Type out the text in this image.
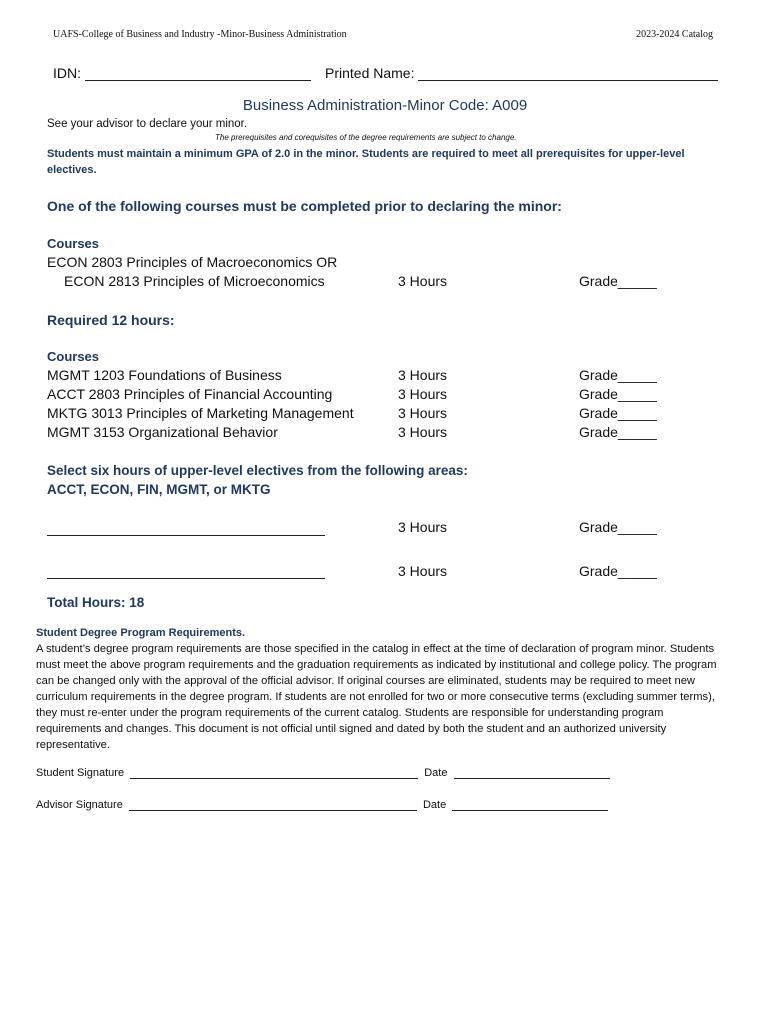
UAFS-College of Business and Industry -Minor-Business Administration	2023-2024 Catalog
IDN:	Printed Name:
Business Administration-Minor Code: A009
See your advisor to declare your minor.
The prerequisites and corequisites of the degree requirements are subject to change.
Students must maintain a minimum GPA of 2.0 in the minor. Students are required to meet all prerequisites for upper-level electives.
One of the following courses must be completed prior to declaring the minor:
Courses
ECON 2803 Principles of Macroeconomics OR
ECON 2813 Principles of Microeconomics	3 Hours	Grade_____
Required 12 hours:
Courses
MGMT 1203 Foundations of Business	3 Hours	Grade_____
ACCT 2803 Principles of Financial Accounting	3 Hours	Grade_____
MKTG 3013 Principles of Marketing Management	3 Hours	Grade_____
MGMT 3153 Organizational Behavior	3 Hours	Grade_____
Select six hours of upper-level electives from the following areas:
ACCT, ECON, FIN, MGMT, or MKTG
3 Hours	Grade_____
3 Hours	Grade_____
Total Hours: 18
Student Degree Program Requirements.
A student’s degree program requirements are those specified in the catalog in effect at the time of declaration of program minor. Students must meet the above program requirements and the graduation requirements as indicated by institutional and college policy. The program can be changed only with the approval of the official advisor. If original courses are eliminated, students may be required to meet new curriculum requirements in the degree program. If students are not enrolled for two or more consecutive terms (excluding summer terms), they must re-enter under the program requirements of the current catalog. Students are responsible for understanding program requirements and changes. This document is not official until signed and dated by both the student and an authorized university representative.
Student Signature	Date
Advisor Signature	Date
